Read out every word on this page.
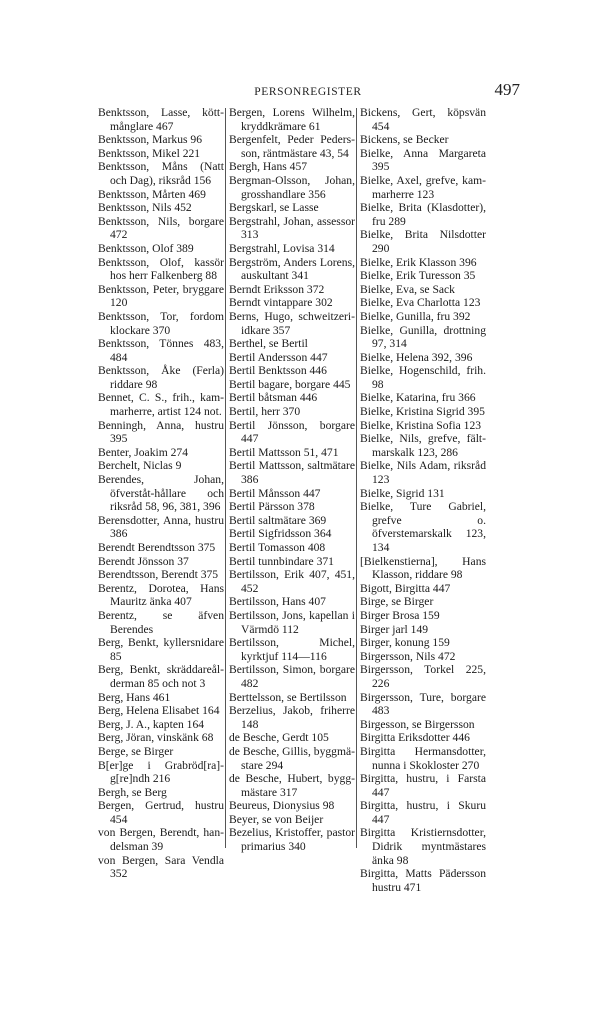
PERSONREGISTER	497
Benktsson, Lasse, kött-månglare 467
Benktsson, Markus 96
Benktsson, Mikel 221
Benktsson, Måns (Natt och Dag), riksråd 156
Benktsson, Mårten 469
Benktsson, Nils 452
Benktsson, Nils, borgare 472
Benktsson, Olof 389
Benktsson, Olof, kassör hos herr Falkenberg 88
Benktsson, Peter, bryggare 120
Benktsson, Tor, fordom klockare 370
Benktsson, Tönnes 483, 484
Benktsson, Åke (Ferla) riddare 98
Bennet, C. S., frih., kam-marherre, artist 124 not.
Benningh, Anna, hustru 395
Benter, Joakim 274
Berchelt, Niclas 9
Berendes, Johan, öfverståt-hållare och riksråd 58, 96, 381, 396
Berensdotter, Anna, hustru 386
Berendt Berendtsson 375
Berendt Jönsson 37
Berendtsson, Berendt 375
Berentz, Dorotea, Hans Mauritz änka 407
Berentz, se äfven Berendes
Berg, Benkt, kyllersnidare 85
Berg, Benkt, skräddareål-derman 85 och not 3
Berg, Hans 461
Berg, Helena Elisabet 164
Berg, J. A., kapten 164
Berg, Jöran, vinskänk 68
Berge, se Birger
B[er]ge i Grabröd[ra]-g[re]ndh 216
Bergh, se Berg
Bergen, Gertrud, hustru 454
von Bergen, Berendt, han-delsman 39
von Bergen, Sara Vendla 352
Bergen, Lorens Wilhelm, kryddkrämare 61
Bergenfelt, Peder Peders-son, räntmästare 43, 54
Bergh, Hans 457
Bergman-Olsson, Johan, grosshandlare 356
Bergskarl, se Lasse
Bergstrahl, Johan, assessor 313
Bergstrahl, Lovisa 314
Bergström, Anders Lorens, auskultant 341
Berndt Eriksson 372
Berndt vintappare 302
Berns, Hugo, schweitzeri-idkare 357
Berthel, se Bertil
Bertil Andersson 447
Bertil Benktsson 446
Bertil bagare, borgare 445
Bertil båtsman 446
Bertil, herr 370
Bertil Jönsson, borgare 447
Bertil Mattsson 51, 471
Bertil Mattsson, saltmätare 386
Bertil Månsson 447
Bertil Pärsson 378
Bertil saltmätare 369
Bertil Sigfridsson 364
Bertil Tomasson 408
Bertil tunnbindare 371
Bertilsson, Erik 407, 451, 452
Bertilsson, Hans 407
Bertilsson, Jons, kapellan i Värmdö 112
Bertilsson, Michel, kyrktjuf 114—116
Bertilsson, Simon, borgare 482
Berttelsson, se Bertilsson
Berzelius, Jakob, friherre 148
de Besche, Gerdt 105
de Besche, Gillis, byggmä-stare 294
de Besche, Hubert, bygg-mästare 317
Beureus, Dionysius 98
Beyer, se von Beijer
Bezelius, Kristoffer, pastor primarius 340
Bickens, Gert, köpsvän 454
Bickens, se Becker
Bielke, Anna Margareta 395
Bielke, Axel, grefve, kam-marherre 123
Bielke, Brita (Klasdotter), fru 289
Bielke, Brita Nilsdotter 290
Bielke, Erik Klasson 396
Bielke, Erik Turesson 35
Bielke, Eva, se Sack
Bielke, Eva Charlotta 123
Bielke, Gunilla, fru 392
Bielke, Gunilla, drottning 97, 314
Bielke, Helena 392, 396
Bielke, Hogenschild, frih. 98
Bielke, Katarina, fru 366
Bielke, Kristina Sigrid 395
Bielke, Kristina Sofia 123
Bielke, Nils, grefve, fält-marskalk 123, 286
Bielke, Nils Adam, riksråd 123
Bielke, Sigrid 131
Bielke, Ture Gabriel, grefve o. öfverstemarskalk 123, 134
[Bielkenstierna], Hans Klasson, riddare 98
Bigott, Birgitta 447
Birge, se Birger
Birger Brosa 159
Birger jarl 149
Birger, konung 159
Birgersson, Nils 472
Birgersson, Torkel 225, 226
Birgersson, Ture, borgare 483
Birgesson, se Birgersson
Birgitta Eriksdotter 446
Birgitta Hermansdotter, nunna i Skokloster 270
Birgitta, hustru, i Farsta 447
Birgitta, hustru, i Skuru 447
Birgitta Kristiernsdotter, Didrik myntmästares änka 98
Birgitta, Matts Pädersson hustru 471
